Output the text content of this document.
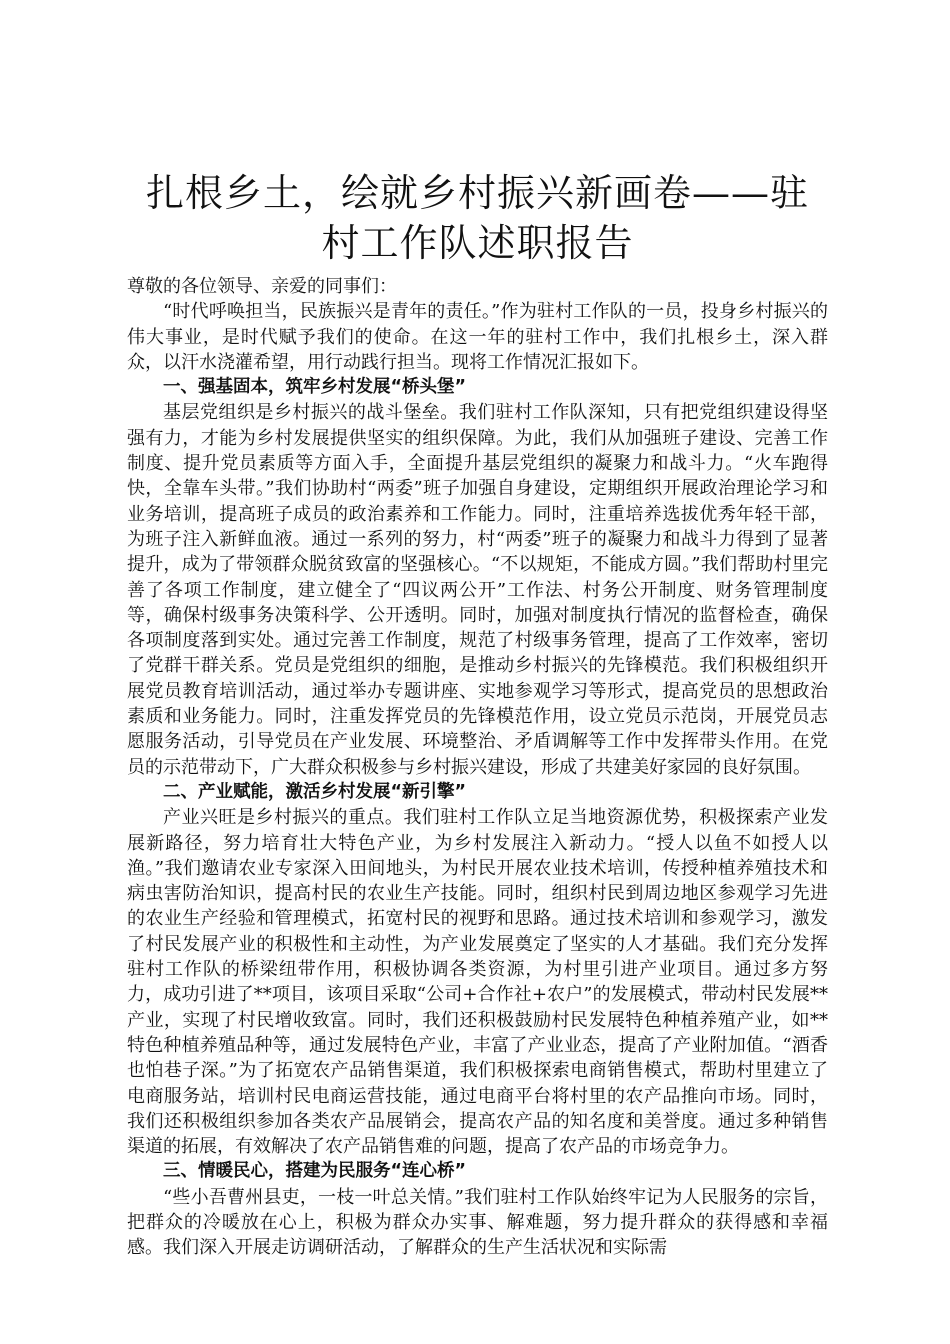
扎根乡土，绘就乡村振兴新画卷——驻村工作队述职报告

尊敬的各位领导、亲爱的同事们：

“时代呼唤担当，民族振兴是青年的责任。”作为驻村工作队的一员，投身乡村振兴的伟大事业，是时代赋予我们的使命。在这一年的驻村工作中，我们扎根乡土，深入群众，以汗水浇灌希望，用行动践行担当。现将工作情况汇报如下。

一、强基固本，筑牢乡村发展“桥头堡”

基层党组织是乡村振兴的战斗堡垒。我们驻村工作队深知，只有把党组织建设得坚强有力，才能为乡村发展提供坚实的组织保障。为此，我们从加强班子建设、完善工作制度、提升党员素质等方面入手，全面提升基层党组织的凝聚力和战斗力。“火车跑得快，全靠车头带。”我们协助村“两委”班子加强自身建设，定期组织开展政治理论学习和业务培训，提高班子成员的政治素养和工作能力。同时，注重培养选拔优秀年轻干部，为班子注入新鲜血液。通过一系列的努力，村“两委”班子的凝聚力和战斗力得到了显著提升，成为了带领群众脱贫致富的坚强核心。“不以规矩，不能成方圆。”我们帮助村里完善了各项工作制度，建立健全了“四议两公开”工作法、村务公开制度、财务管理制度等，确保村级事务决策科学、公开透明。同时，加强对制度执行情况的监督检查，确保各项制度落到实处。通过完善工作制度，规范了村级事务管理，提高了工作效率，密切了党群干群关系。党员是党组织的细胞，是推动乡村振兴的先锋模范。我们积极组织开展党员教育培训活动，通过举办专题讲座、实地参观学习等形式，提高党员的思想政治素质和业务能力。同时，注重发挥党员的先锋模范作用，设立党员示范岗，开展党员志愿服务活动，引导党员在产业发展、环境整治、矛盾调解等工作中发挥带头作用。在党员的示范带动下，广大群众积极参与乡村振兴建设，形成了共建美好家园的良好氛围。

二、产业赋能，激活乡村发展“新引擎”

产业兴旺是乡村振兴的重点。我们驻村工作队立足当地资源优势，积极探索产业发展新路径，努力培育壮大特色产业，为乡村发展注入新动力。“授人以鱼不如授人以渔。”我们邀请农业专家深入田间地头，为村民开展农业技术培训，传授种植养殖技术和病虫害防治知识，提高村民的农业生产技能。同时，组织村民到周边地区参观学习先进的农业生产经验和管理模式，拓宽村民的视野和思路。通过技术培训和参观学习，激发了村民发展产业的积极性和主动性，为产业发展奠定了坚实的人才基础。我们充分发挥驻村工作队的桥梁纽带作用，积极协调各类资源，为村里引进产业项目。通过多方努力，成功引进了**项目，该项目采取“公司+合作社+农户”的发展模式，带动村民发展**产业，实现了村民增收致富。同时，我们还积极鼓励村民发展特色种植养殖产业，如**特色种植养殖品种等，通过发展特色产业，丰富了产业业态，提高了产业附加值。“酒香也怕巷子深。”为了拓宽农产品销售渠道，我们积极探索电商销售模式，帮助村里建立了电商服务站，培训村民电商运营技能，通过电商平台将村里的农产品推向市场。同时，我们还积极组织参加各类农产品展销会，提高农产品的知名度和美誉度。通过多种销售渠道的拓展，有效解决了农产品销售难的问题，提高了农产品的市场竞争力。

三、情暖民心，搭建为民服务“连心桥”

“些小吾曹州县吏，一枝一叶总关情。”我们驻村工作队始终牢记为人民服务的宗旨，把群众的冷暖放在心上，积极为群众办实事、解难题，努力提升群众的获得感和幸福感。我们深入开展走访调研活动，了解群众的生产生活状况和实际需
